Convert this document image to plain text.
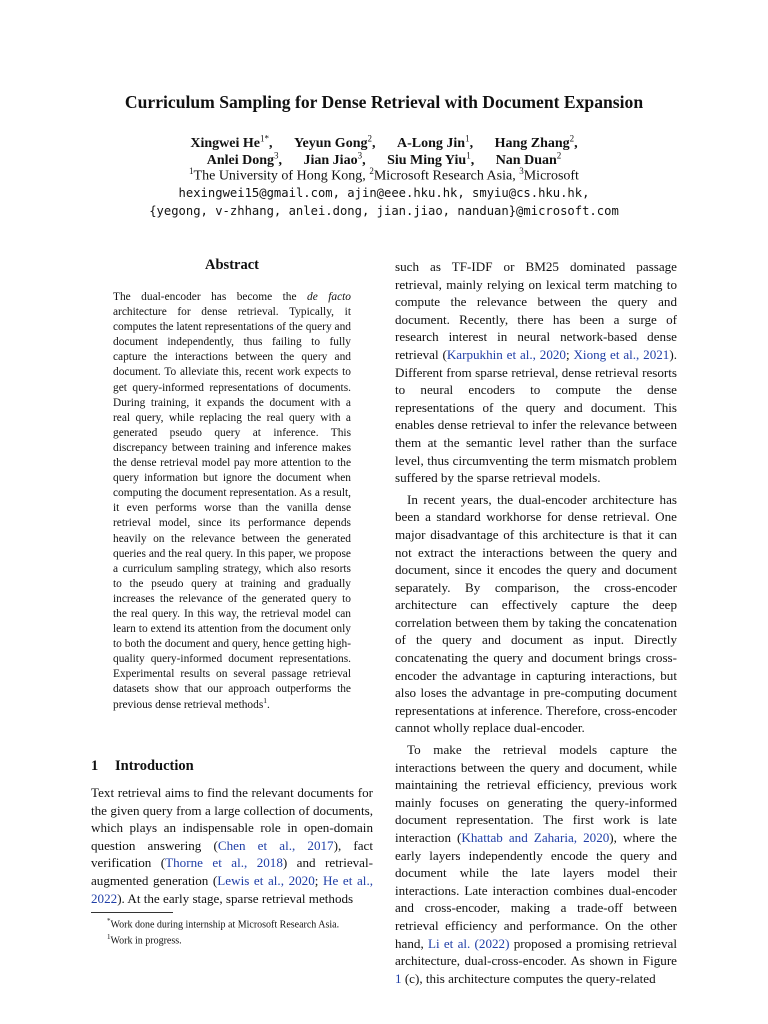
Curriculum Sampling for Dense Retrieval with Document Expansion
Xingwei $He^{1*}$, Yeyun Gong$^2$, A-Long Jin$^1$, Hang Zhang$^2$,
Anlei Dong$^3$, Jian Jiao$^3$, Siu Ming Yiu$^1$, Nan Duan$^2$
$^1$The University of Hong Kong, $^2$Microsoft Research Asia, $^3$Microsoft
hexingwei15@gmail.com, ajin@eee.hku.hk, smyiu@cs.hku.hk,
{yegong, v-zhhang, anlei.dong, jian.jiao, nanduan}@microsoft.com
Abstract
The dual-encoder has become the de facto architecture for dense retrieval. Typically, it computes the latent representations of the query and document independently, thus failing to fully capture the interactions between the query and document. To alleviate this, recent work expects to get query-informed representations of documents. During training, it expands the document with a real query, while replacing the real query with a generated pseudo query at inference. This discrepancy between training and inference makes the dense retrieval model pay more attention to the query information but ignore the document when computing the document representation. As a result, it even performs worse than the vanilla dense retrieval model, since its performance depends heavily on the relevance between the generated queries and the real query. In this paper, we propose a curriculum sampling strategy, which also resorts to the pseudo query at training and gradually increases the relevance of the generated query to the real query. In this way, the retrieval model can learn to extend its attention from the document only to both the document and query, hence getting high-quality query-informed document representations. Experimental results on several passage retrieval datasets show that our approach outperforms the previous dense retrieval methods$^1$.
1 Introduction

Text retrieval aims to find the relevant documents for the given query from a large collection of documents, which plays an indispensable role in open-domain question answering (Chen et al., 2017), fact verification (Thorne et al., 2018) and retrieval-augmented generation (Lewis et al., 2020; He et al., 2022). At the early stage, sparse retrieval methods

*Work done during internship at Microsoft Research Asia.
$^1$Work in progress.

such as TF-IDF or BM25 dominated passage retrieval, mainly relying on lexical term matching to compute the relevance between the query and document. Recently, there has been a surge of research interest in neural network-based dense retrieval (Karpukhin et al., 2020; Xiong et al., 2021). Different from sparse retrieval, dense retrieval resorts to neural encoders to compute the dense representations of the query and document. This enables dense retrieval to infer the relevance between them at the semantic level rather than the surface level, thus circumventing the term mismatch problem suffered by the sparse retrieval models.

In recent years, the dual-encoder architecture has been a standard workhorse for dense retrieval. One major disadvantage of this architecture is that it can not extract the interactions between the query and document, since it encodes the query and document separately. By comparison, the cross-encoder architecture can effectively capture the deep correlation between them by taking the concatenation of the query and document as input. Directly concatenating the query and document brings cross-encoder the advantage in capturing interactions, but also loses the advantage in pre-computing document representations at inference. Therefore, cross-encoder cannot wholly replace dual-encoder.

To make the retrieval models capture the interactions between the query and document, while maintaining the retrieval efficiency, previous work mainly focuses on generating the query-informed document representation. The first work is late interaction (Khattab and Zaharia, 2020), where the early layers independently encode the query and document while the late layers model their interactions. Late interaction combines dual-encoder and cross-encoder, making a trade-off between retrieval efficiency and performance. On the other hand, Li et al. (2022) proposed a promising retrieval architecture, dual-cross-encoder. As shown in Figure 1 (c), this architecture computes the query-related
